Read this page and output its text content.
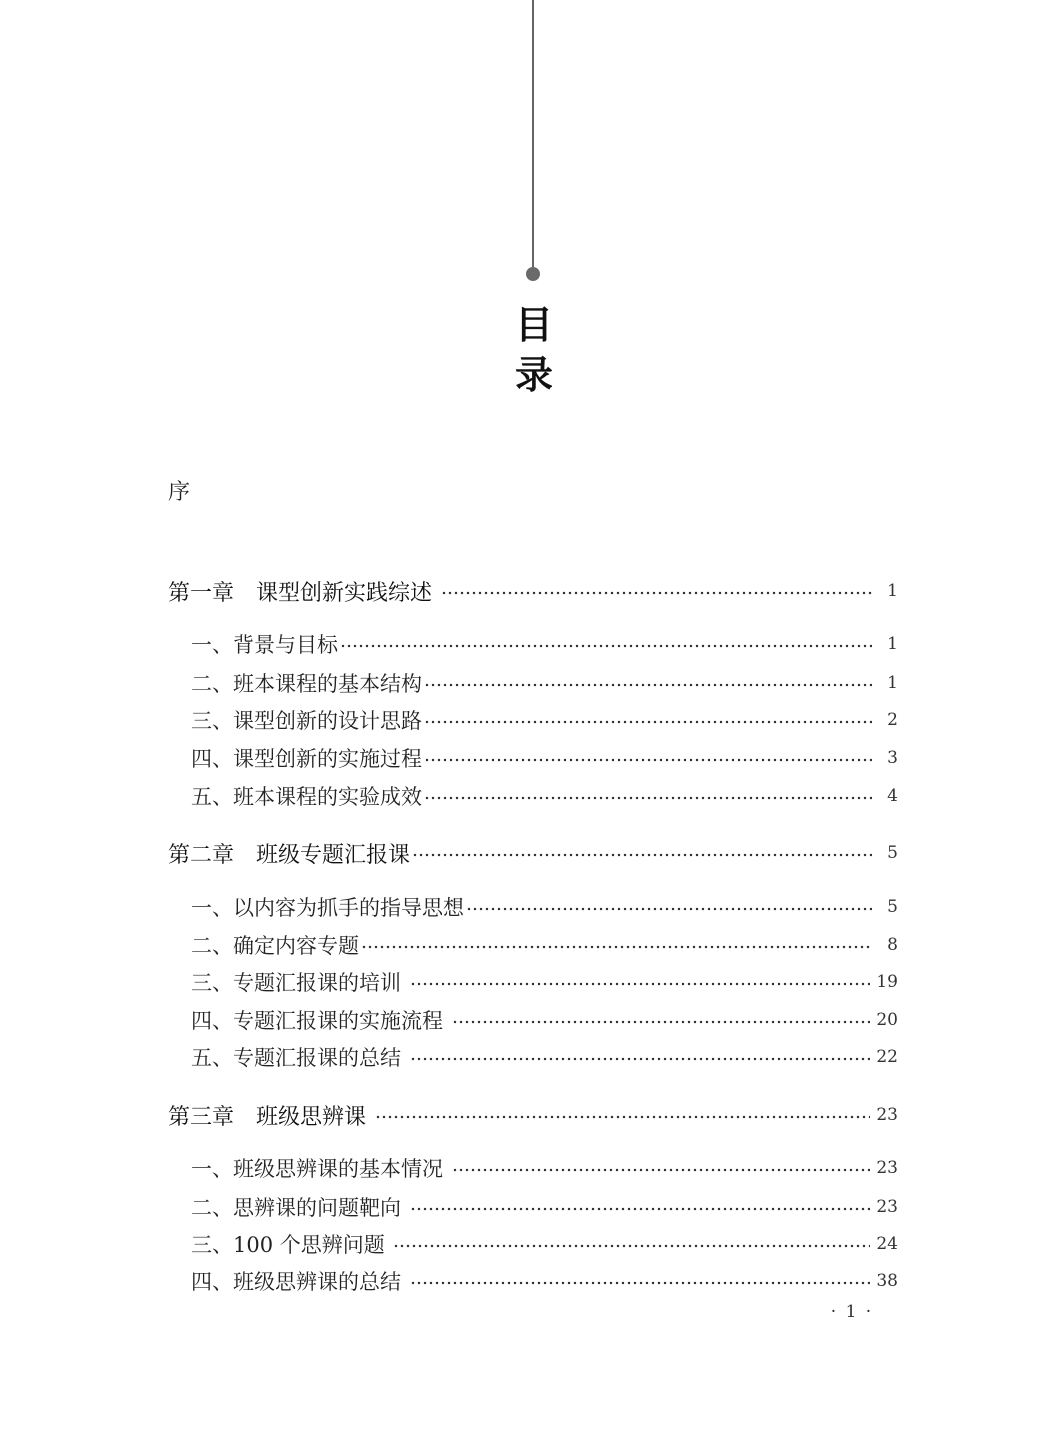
目
录
序
第一章　课型创新实践综述	1
一、背景与目标	1
二、班本课程的基本结构	1
三、课型创新的设计思路	2
四、课型创新的实施过程	3
五、班本课程的实验成效	4
第二章　班级专题汇报课	5
一、以内容为抓手的指导思想	5
二、确定内容专题	8
三、专题汇报课的培训	19
四、专题汇报课的实施流程	20
五、专题汇报课的总结	22
第三章　班级思辨课	23
一、班级思辨课的基本情况	23
二、思辨课的问题靶向	23
三、100 个思辨问题	24
四、班级思辨课的总结	38
· 1 ·
